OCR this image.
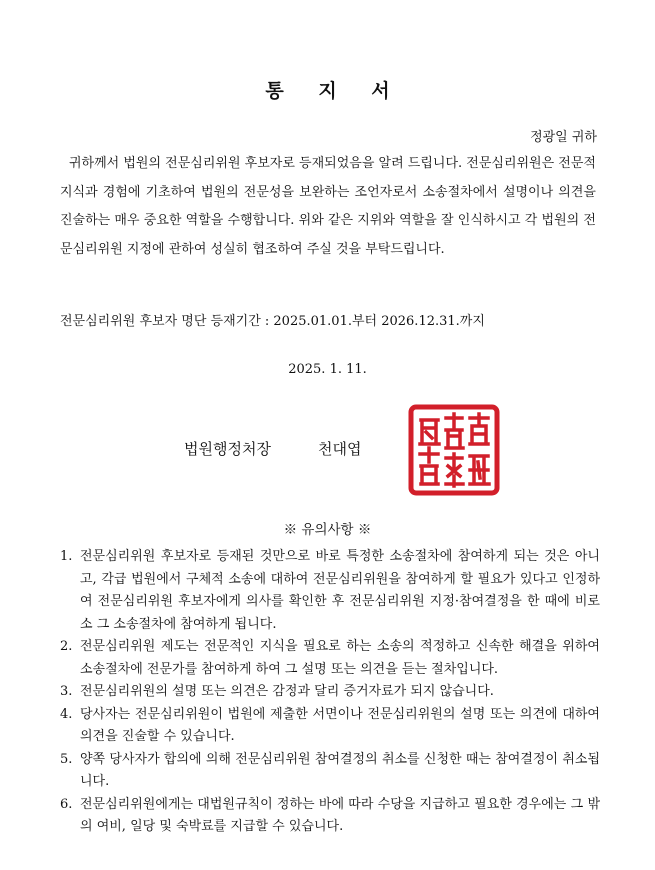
통 지 서
정광일 귀하

귀하께서 법원의 전문심리위원 후보자로 등재되었음을 알려 드립니다. 전문심리위원은 전문적 지식과 경험에 기초하여 법원의 전문성을 보완하는 조언자로서 소송절차에서 설명이나 의견을 진술하는 매우 중요한 역할을 수행합니다. 위와 같은 지위와 역할을 잘 인식하시고 각 법원의 전문심리위원 지정에 관하여 성실히 협조하여 주실 것을 부탁드립니다.

전문심리위원 후보자 명단 등재기간 : 2025.01.01.부터 2026.12.31.까지
2025. 1. 11.
법원행정처장	천대엽
※ 유의사항 ※
1. 전문심리위원 후보자로 등재된 것만으로 바로 특정한 소송절차에 참여하게 되는 것은 아니고, 각급 법원에서 구체적 소송에 대하여 전문심리위원을 참여하게 할 필요가 있다고 인정하여 전문심리위원 후보자에게 의사를 확인한 후 전문심리위원 지정·참여결정을 한 때에 비로소 그 소송절차에 참여하게 됩니다.
2. 전문심리위원 제도는 전문적인 지식을 필요로 하는 소송의 적정하고 신속한 해결을 위하여 소송절차에 전문가를 참여하게 하여 그 설명 또는 의견을 듣는 절차입니다.
3. 전문심리위원의 설명 또는 의견은 감정과 달리 증거자료가 되지 않습니다.
4. 당사자는 전문심리위원이 법원에 제출한 서면이나 전문심리위원의 설명 또는 의견에 대하여 의견을 진술할 수 있습니다.
5. 양쪽 당사자가 합의에 의해 전문심리위원 참여결정의 취소를 신청한 때는 참여결정이 취소됩니다.
6. 전문심리위원에게는 대법원규칙이 정하는 바에 따라 수당을 지급하고 필요한 경우에는 그 밖의 여비, 일당 및 숙박료를 지급할 수 있습니다.
